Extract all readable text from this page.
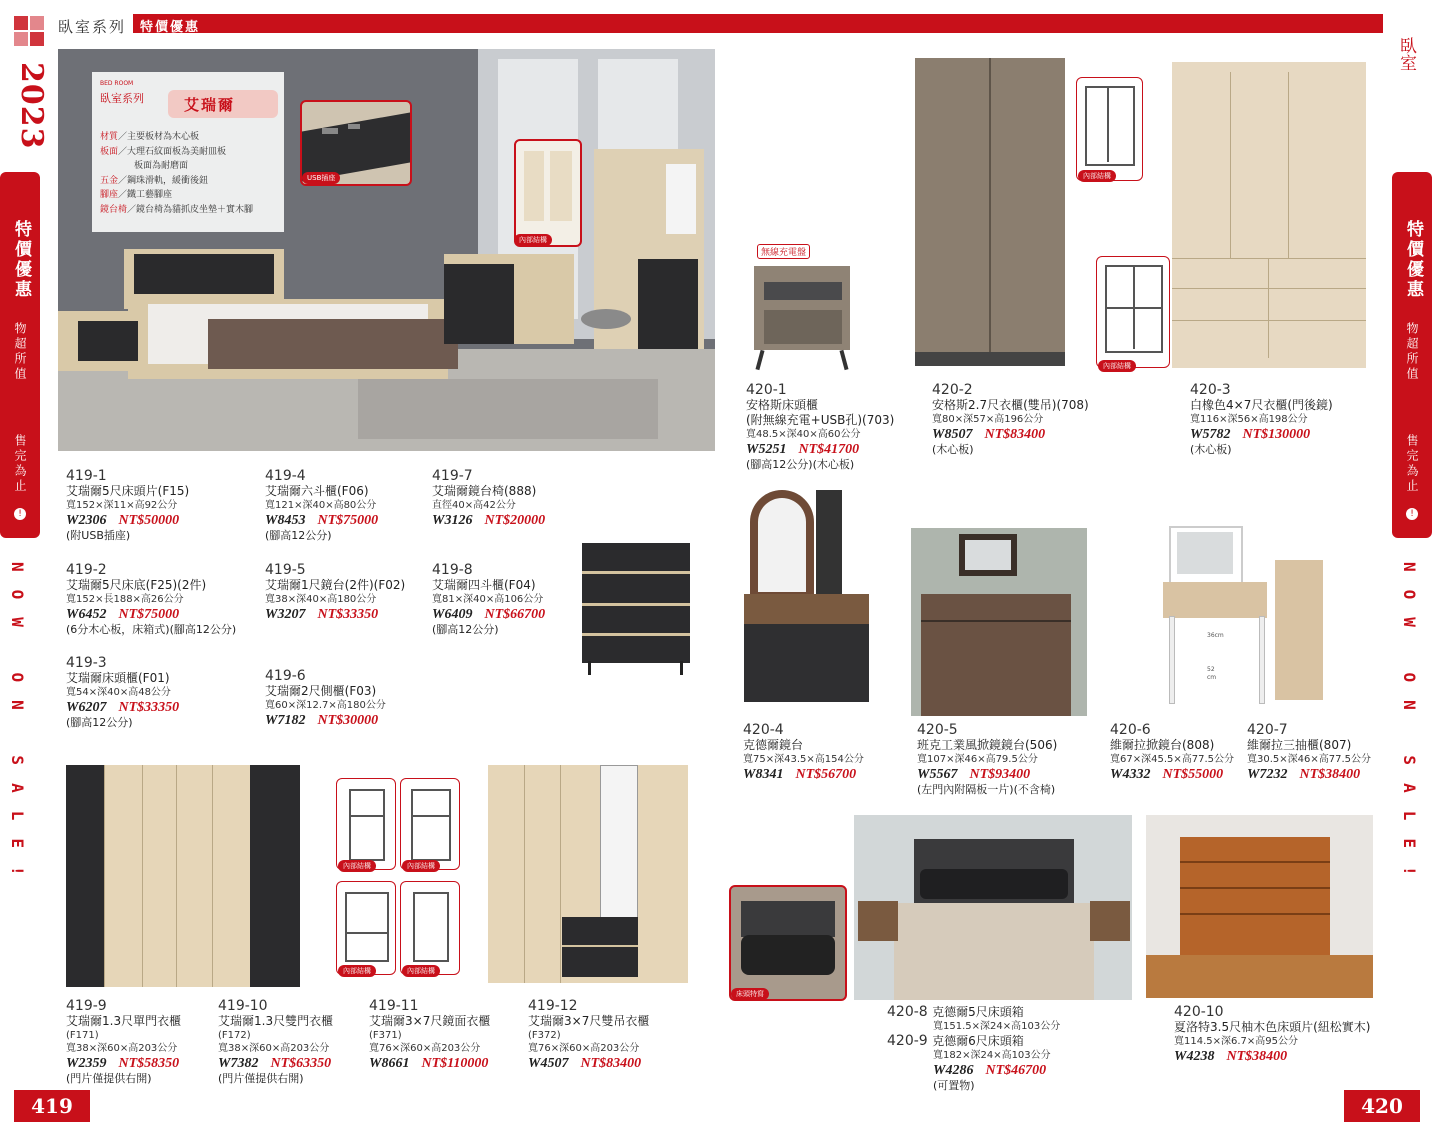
臥室系列 特價優惠
2023
BED ROOM
臥室
特價優惠
物超所值
售完為止
!
特價優惠
物超所值
售完為止
!
NOW ON SALE!	NOW ON SALE!
419	420
BED ROOM
臥室系列	艾瑞爾
材質／主要板材為木心板
板面／大理石紋面板為美耐皿板
板面為耐磨面
五金／鋼珠滑軌，緩衝後鈕
腳座／鐵工藝腳座
鏡台椅／鏡台椅為貓抓皮坐墊＋實木腳
USB插座
內部結構
419-1
艾瑞爾5尺床頭片(F15)
寬152×深11×高92公分
W2306 NT$50000
(附USB插座)
419-4
艾瑞爾六斗櫃(F06)
寬121×深40×高80公分
W8453 NT$75000
(腳高12公分)
419-7
艾瑞爾鏡台椅(888)
直徑40×高42公分
W3126 NT$20000
419-2
艾瑞爾5尺床底(F25)(2件)
寬152×長188×高26公分
W6452 NT$75000
(6分木心板，床箱式)(腳高12公分)
419-5
艾瑞爾1尺鏡台(2件)(F02)
寬38×深40×高180公分
W3207 NT$33350
419-8
艾瑞爾四斗櫃(F04)
寬81×深40×高106公分
W6409 NT$66700
(腳高12公分)
419-3
艾瑞爾床頭櫃(F01)
寬54×深40×高48公分
W6207 NT$33350
(腳高12公分)
419-6
艾瑞爾2尺側櫃(F03)
寬60×深12.7×高180公分
W7182 NT$30000
內部結構	內部結構
內部結構	內部結構
419-9
艾瑞爾1.3尺單門衣櫃
(F171)
寬38×深60×高203公分
W2359 NT$58350
(門片僅提供右開)
419-10
艾瑞爾1.3尺雙門衣櫃
(F172)
寬38×深60×高203公分
W7382 NT$63350
(門片僅提供右開)
419-11
艾瑞爾3×7尺鏡面衣櫃
(F371)
寬76×深60×高203公分
W8661 NT$110000
419-12
艾瑞爾3×7尺雙吊衣櫃
(F372)
寬76×深60×高203公分
W4507 NT$83400
無線充電盤
420-1
安格斯床頭櫃
(附無線充電+USB孔)(703)
寬48.5×深40×高60公分
W5251 NT$41700
(腳高12公分)(木心板)
內部結構
內部結構
420-2
安格斯2.7尺衣櫃(雙吊)(708)
寬80×深57×高196公分
W8507 NT$83400
(木心板)
420-3
白橡色4×7尺衣櫃(門後鏡)
寬116×深56×高198公分
W5782 NT$130000
(木心板)
420-4
克德爾鏡台
寬75×深43.5×高154公分
W8341 NT$56700
420-5
班克工業風掀鏡鏡台(506)
寬107×深46×高79.5公分
W5567 NT$93400
(左門內附隔板一片)(不含椅)
36cm
52
cm
420-6
維爾拉掀鏡台(808)
寬67×深45.5×高77.5公分
W4332 NT$55000
420-7
維爾拉三抽櫃(807)
寬30.5×深46×高77.5公分
W7232 NT$38400
床頭特寫
420-8 克德爾5尺床頭箱
寬151.5×深24×高103公分
420-9 克德爾6尺床頭箱
寬182×深24×高103公分
W4286 NT$46700
(可置物)
420-10
夏洛特3.5尺柚木色床頭片(紐松實木)
寬114.5×深6.7×高95公分
W4238 NT$38400
